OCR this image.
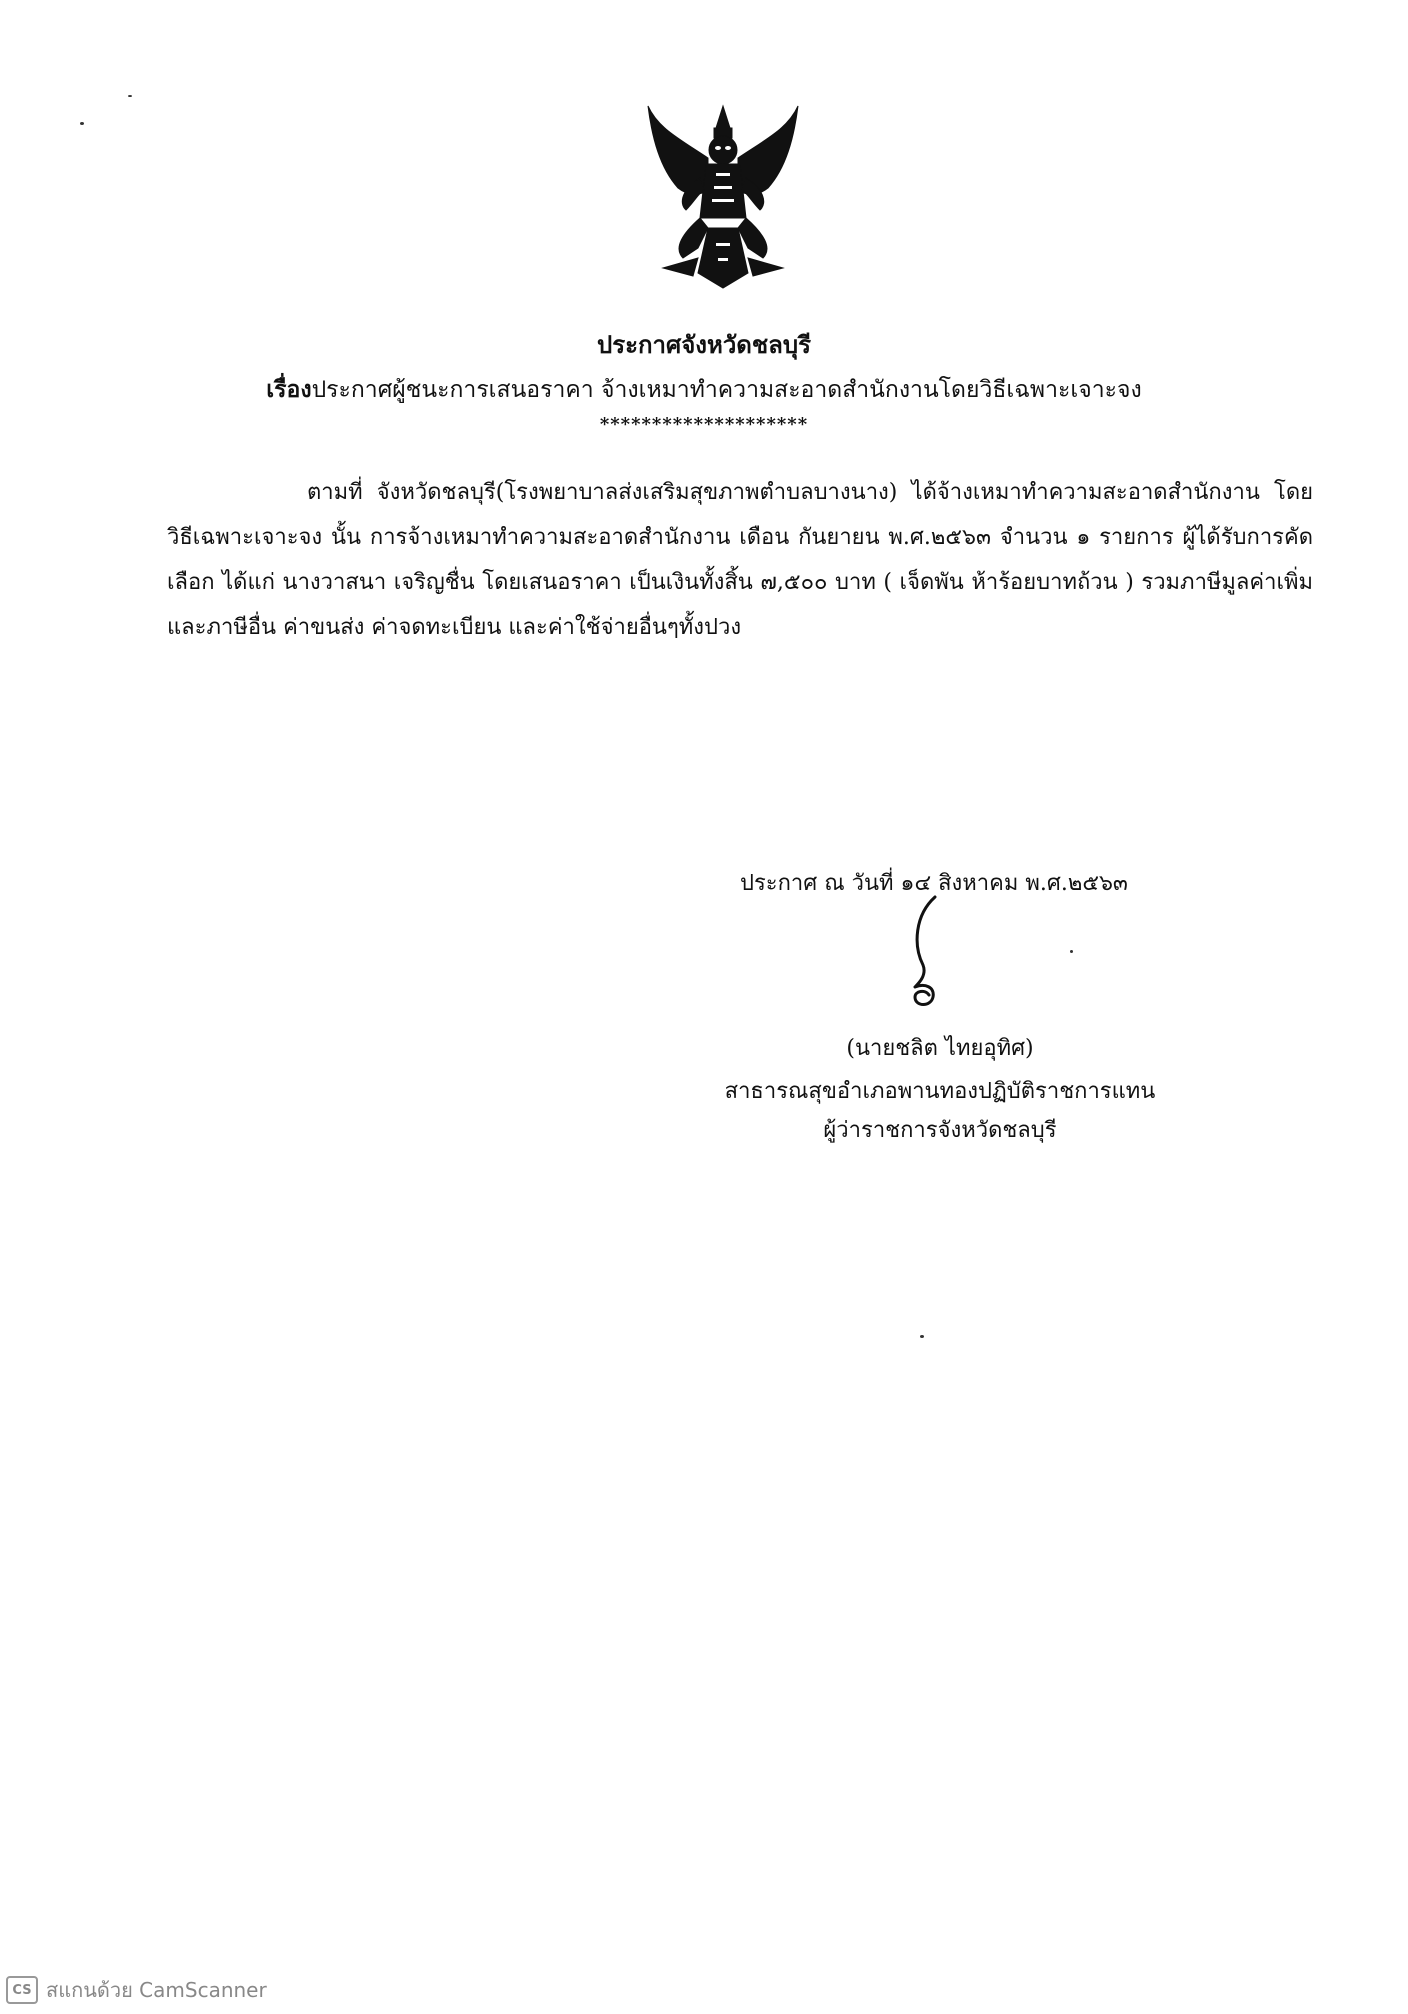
ประกาศจังหวัดชลบุรี
เรื่องประกาศผู้ชนะการเสนอราคา จ้างเหมาทำความสะอาดสำนักงานโดยวิธีเฉพาะเจาะจง
********************
ตามที่ จังหวัดชลบุรี(โรงพยาบาลส่งเสริมสุขภาพตำบลบางนาง) ได้จ้างเหมาทำความสะอาดสำนักงาน โดยวิธีเฉพาะเจาะจง นั้น การจ้างเหมาทำความสะอาดสำนักงาน เดือน กันยายน พ.ศ.๒๕๖๓ จำนวน ๑ รายการ ผู้ได้รับการคัดเลือก ได้แก่ นางวาสนา เจริญชื่น โดยเสนอราคา เป็นเงินทั้งสิ้น ๗,๕๐๐ บาท ( เจ็ดพัน ห้าร้อยบาทถ้วน ) รวมภาษีมูลค่าเพิ่มและภาษีอื่น ค่าขนส่ง ค่าจดทะเบียน และค่าใช้จ่ายอื่นๆทั้งปวง
ประกาศ ณ วันที่ ๑๔ สิงหาคม พ.ศ.๒๕๖๓
(นายชลิต ไทยอุทิศ)
สาธารณสุขอำเภอพานทองปฏิบัติราชการแทน
ผู้ว่าราชการจังหวัดชลบุรี
CS สแกนด้วย CamScanner
